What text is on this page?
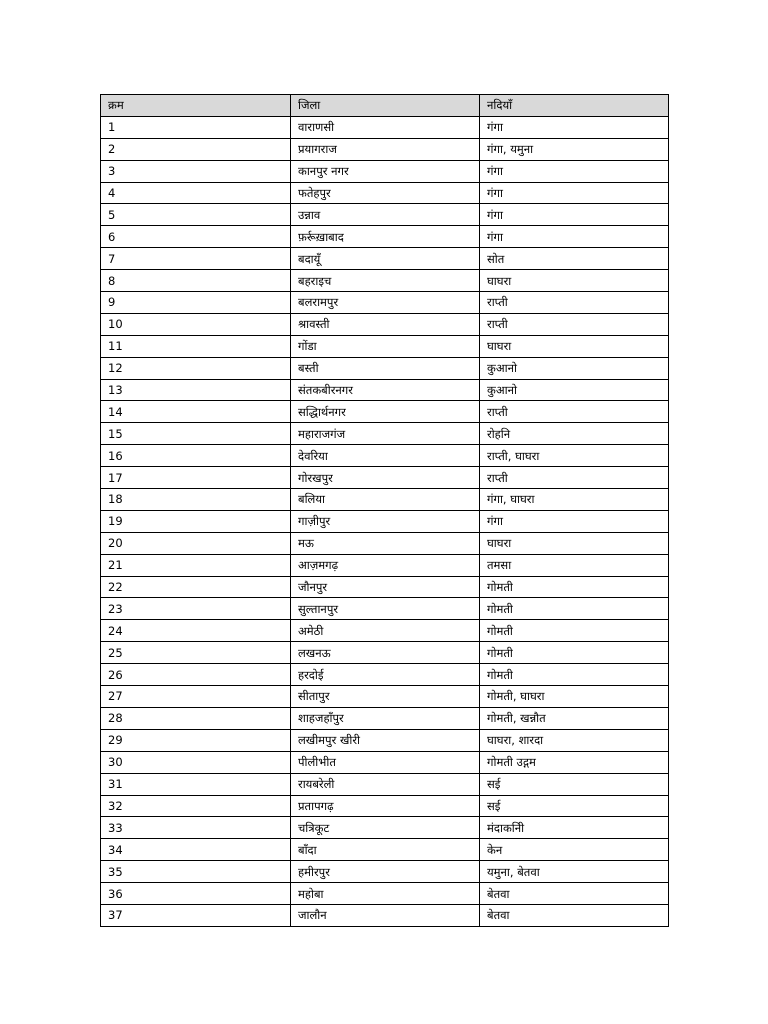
क्रम	जिला	नदियाँ
1	वाराणसी	गंगा
2	प्रयागराज	गंगा, यमुना
3	कानपुर नगर	गंगा
4	फतेहपुर	गंगा
5	उन्नाव	गंगा
6	फ़र्रूख़ाबाद	गंगा
7	बदायूँ	सोत
8	बहराइच	घाघरा
9	बलरामपुर	राप्ती
10	श्रावस्ती	राप्ती
11	गोंडा	घाघरा
12	बस्ती	कुआनो
13	संतकबीरनगर	कुआनो
14	सद्धिार्थनगर	राप्ती
15	महाराजगंज	रोहनि
16	देवरिया	राप्ती, घाघरा
17	गोरखपुर	राप्ती
18	बलिया	गंगा, घाघरा
19	गाज़ीपुर	गंगा
20	मऊ	घाघरा
21	आज़मगढ़	तमसा
22	जौनपुर	गोमती
23	सुल्तानपुर	गोमती
24	अमेठी	गोमती
25	लखनऊ	गोमती
26	हरदोई	गोमती
27	सीतापुर	गोमती, घाघरा
28	शाहजहाँपुर	गोमती, खन्नौत
29	लखीमपुर खीरी	घाघरा, शारदा
30	पीलीभीत	गोमती उद्गम
31	रायबरेली	सई
32	प्रतापगढ़	सई
33	चत्रिकूट	मंदाकनिी
34	बाँदा	केन
35	हमीरपुर	यमुना, बेतवा
36	महोबा	बेतवा
37	जालौन	बेतवा
